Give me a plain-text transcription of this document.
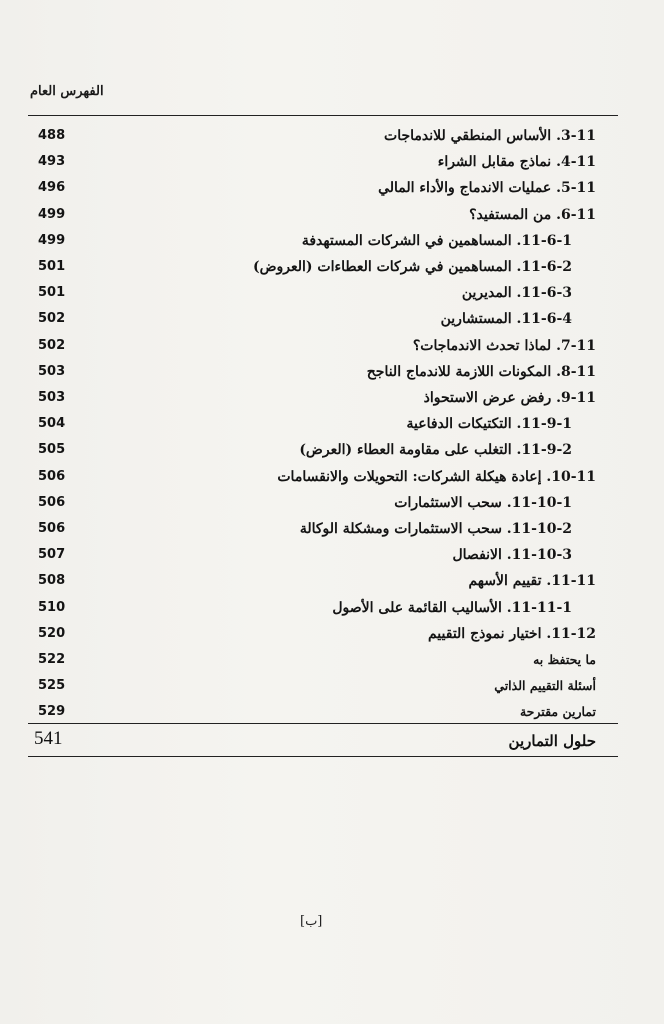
الفهرس العام
3-11. الأساس المنطقي للاندماجات
488
4-11. نماذج مقابل الشراء
493
5-11. عمليات الاندماج والأداء المالي
496
6-11. من المستفيد؟
499
11-6-1. المساهمين في الشركات المستهدفة
499
11-6-2. المساهمين في شركات العطاءات (العروض)
501
11-6-3. المديرين
501
11-6-4. المستشارين
502
7-11. لماذا تحدث الاندماجات؟
502
8-11. المكونات اللازمة للاندماج الناجح
503
9-11. رفض عرض الاستحواذ
503
11-9-1. التكتيكات الدفاعية
504
11-9-2. التغلب على مقاومة العطاء (العرض)
505
10-11. إعادة هيكلة الشركات: التحويلات والانقسامات
506
11-10-1. سحب الاستثمارات
506
11-10-2. سحب الاستثمارات ومشكلة الوكالة
506
11-10-3. الانفصال
507
11-11. تقييم الأسهم
508
11-11-1. الأساليب القائمة على الأصول
510
11-12. اختيار نموذج التقييم
520
ما يحتفظ به
522
أسئلة التقييم الذاتي
525
تمارين مقترحة
529
حلول التمارين
541
[ب]
